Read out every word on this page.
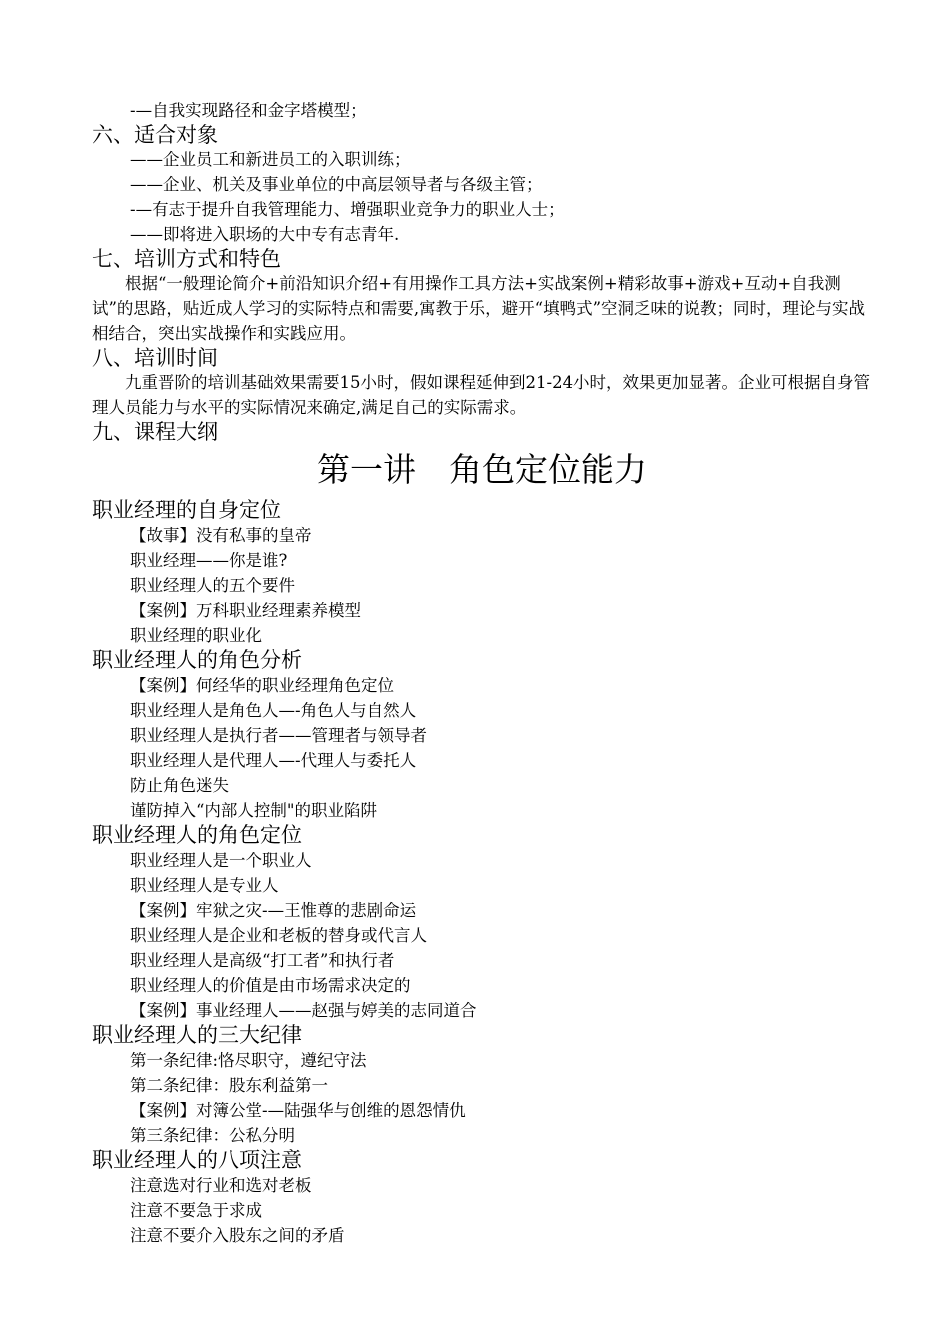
-—自我实现路径和金字塔模型；
六、适合对象
——企业员工和新进员工的入职训练；
——企业、机关及事业单位的中高层领导者与各级主管；
-—有志于提升自我管理能力、增强职业竞争力的职业人士；
——即将进入职场的大中专有志青年.
七、培训方式和特色
根据“一般理论简介+前沿知识介绍+有用操作工具方法+实战案例+精彩故事+游戏+互动+自我测试”的思路，贴近成人学习的实际特点和需要,寓教于乐，避开“填鸭式”空洞乏味的说教；同时，理论与实战相结合，突出实战操作和实践应用。
八、培训时间
九重晋阶的培训基础效果需要15小时，假如课程延伸到21-24小时，效果更加显著。企业可根据自身管理人员能力与水平的实际情况来确定,满足自己的实际需求。
九、课程大纲
第一讲　角色定位能力
职业经理的自身定位
【故事】没有私事的皇帝
职业经理——你是谁?
职业经理人的五个要件
【案例】万科职业经理素养模型
职业经理的职业化
职业经理人的角色分析
【案例】何经华的职业经理角色定位
职业经理人是角色人—-角色人与自然人
职业经理人是执行者——管理者与领导者
职业经理人是代理人—-代理人与委托人
防止角色迷失
谨防掉入“内部人控制"的职业陷阱
职业经理人的角色定位
职业经理人是一个职业人
职业经理人是专业人
【案例】牢狱之灾-—王惟尊的悲剧命运
职业经理人是企业和老板的替身或代言人
职业经理人是高级“打工者”和执行者
职业经理人的价值是由市场需求决定的
【案例】事业经理人——赵强与婷美的志同道合
职业经理人的三大纪律
第一条纪律:恪尽职守，遵纪守法
第二条纪律：股东利益第一
【案例】对簿公堂-—陆强华与创维的恩怨情仇
第三条纪律：公私分明
职业经理人的八项注意
注意选对行业和选对老板
注意不要急于求成
注意不要介入股东之间的矛盾
